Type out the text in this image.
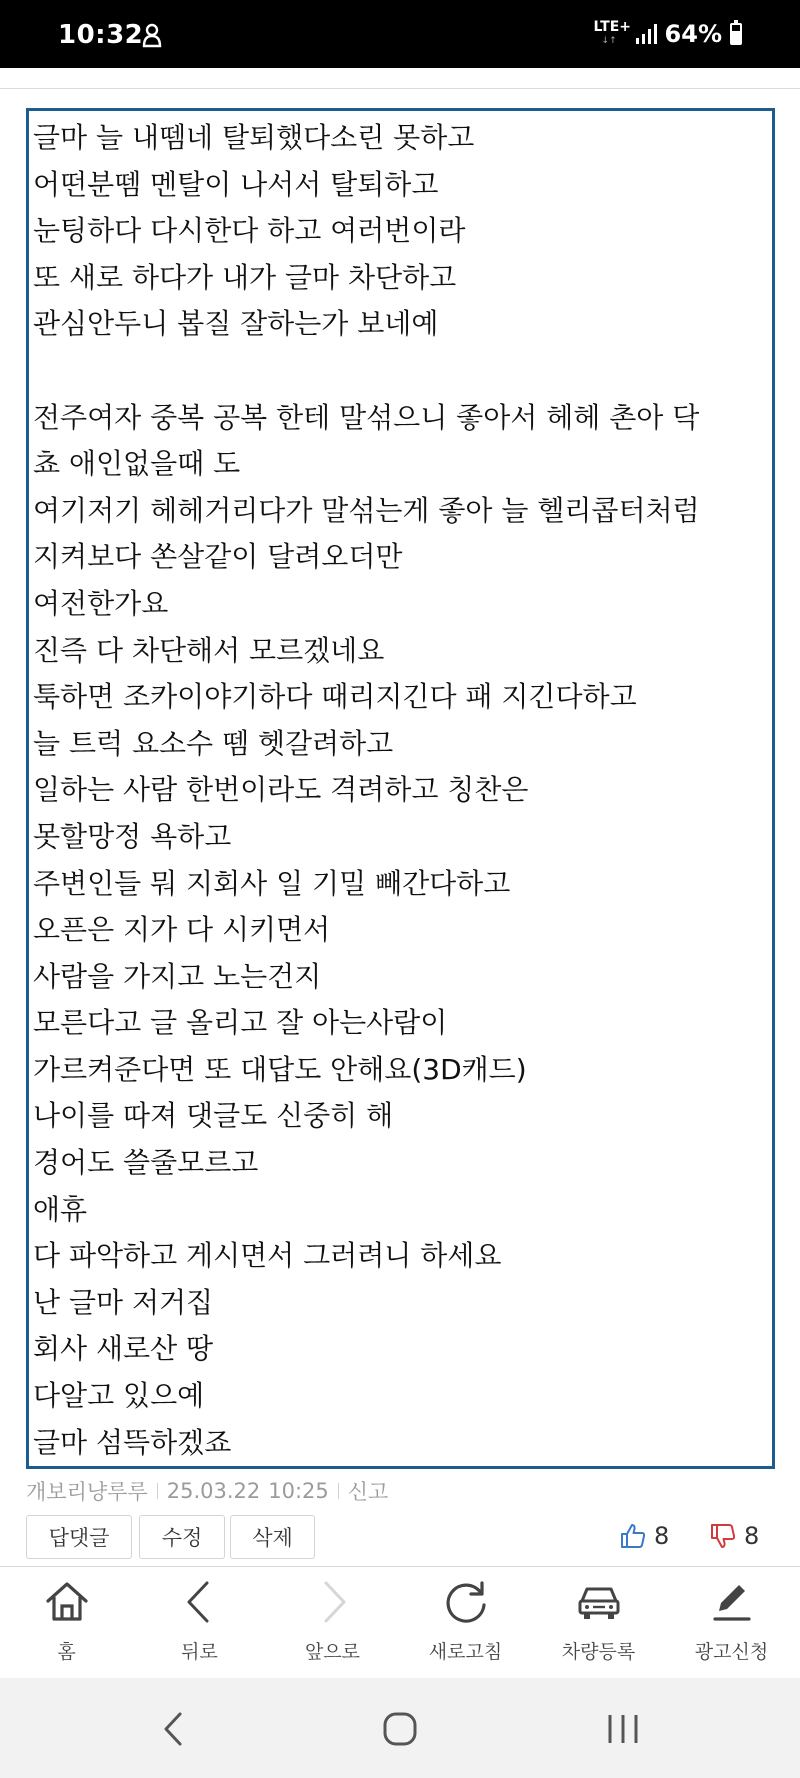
10:32	LTE+
↓↑ 64%
글마 늘 내뗌네 탈퇴했다소린 못하고
어떤분뗌 멘탈이 나서서 탈퇴하고
눈팅하다 다시한다 하고 여러번이라
또 새로 하다가 내가 글마 차단하고
관심안두니 봅질 잘하는가 보네예
전주여자 중복 공복 한테 말섞으니 좋아서 헤헤 촌아 닥
쵸 애인없을때 도
여기저기 헤헤거리다가 말섞는게 좋아 늘 헬리콥터처럼
지켜보다 쏜살같이 달려오더만
여전한가요
진즉 다 차단해서 모르겠네요
툭하면 조카이야기하다 때리지긴다 패 지긴다하고
늘 트럭 요소수 뗌 헷갈려하고
일하는 사람 한번이라도 격려하고 칭찬은
못할망정 욕하고
주변인들 뭐 지회사 일 기밀 빼간다하고
오픈은 지가 다 시키면서
사람을 가지고 노는건지
모른다고 글 올리고 잘 아는사람이
가르켜준다면 또 대답도 안해요(3D캐드)
나이를 따져 댓글도 신중히 해
경어도 쓸줄모르고
애휴
다 파악하고 게시면서 그러려니 하세요
난 글마 저거집
회사 새로산 땅
다알고 있으예
글마 섬뜩하겠죠
개보리냥루루 25.03.22 10:25 신고
답댓글	수정	삭제	8	8
홈	뒤로	앞으로	새로고침	차량등록	광고신청
